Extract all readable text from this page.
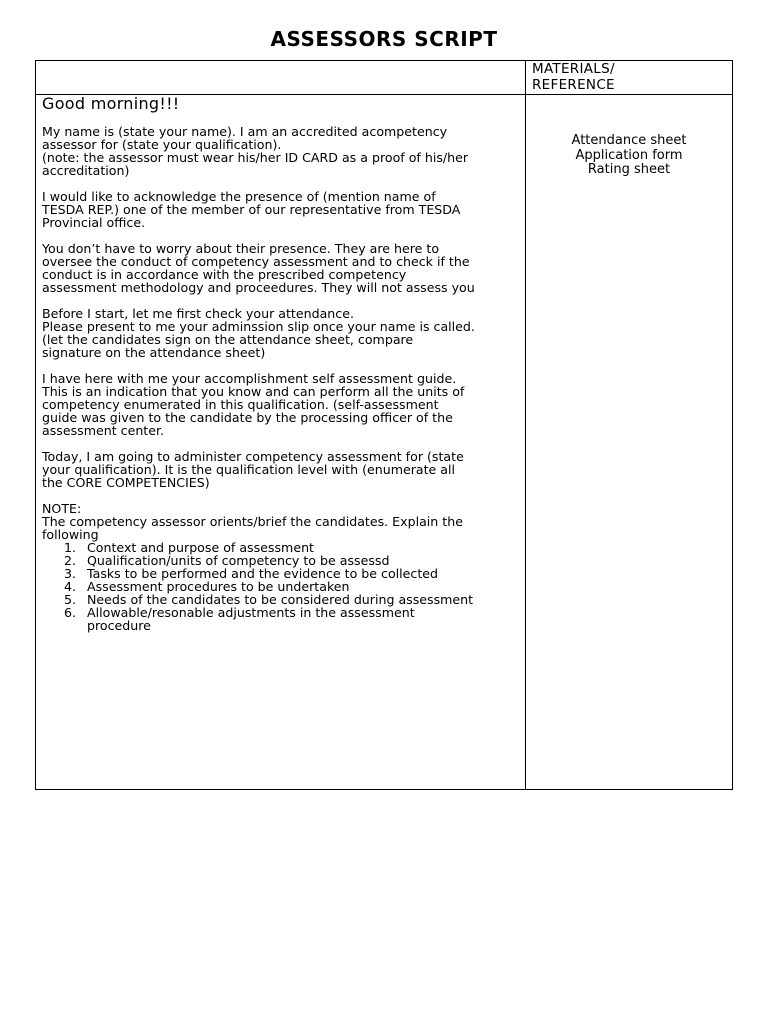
ASSESSORS SCRIPT
MATERIALS/
REFERENCE
Good morning!!!
My name is (state your name). I am an accredited acompetency
assessor for (state your qualification).
(note: the assessor must wear his/her ID CARD as a proof of his/her
accreditation)
I would like to acknowledge the presence of (mention name of
TESDA REP.) one of the member of our representative from TESDA
Provincial office.
You don’t have to worry about their presence. They are here to
oversee the conduct of competency assessment and to check if the
conduct is in accordance with the prescribed competency
assessment methodology and proceedures. They will not assess you
Before I start, let me first check your attendance.
Please present to me your adminssion slip once your name is called.
(let the candidates sign on the attendance sheet, compare
signature on the attendance sheet)
I have here with me your accomplishment self assessment guide.
This is an indication that you know and can perform all the units of
competency enumerated in this qualification. (self-assessment
guide was given to the candidate by the processing officer of the
assessment center.
Today, I am going to administer competency assessment for (state
your qualification). It is the qualification level with (enumerate all
the CORE COMPETENCIES)
NOTE:
The competency assessor orients/brief the candidates. Explain the
following
1. Context and purpose of assessment
2. Qualification/units of competency to be assessd
3. Tasks to be performed and the evidence to be collected
4. Assessment procedures to be undertaken
5. Needs of the candidates to be considered during assessment
6. Allowable/resonable adjustments in the assessment
procedure
Attendance sheet
Application form
Rating sheet
